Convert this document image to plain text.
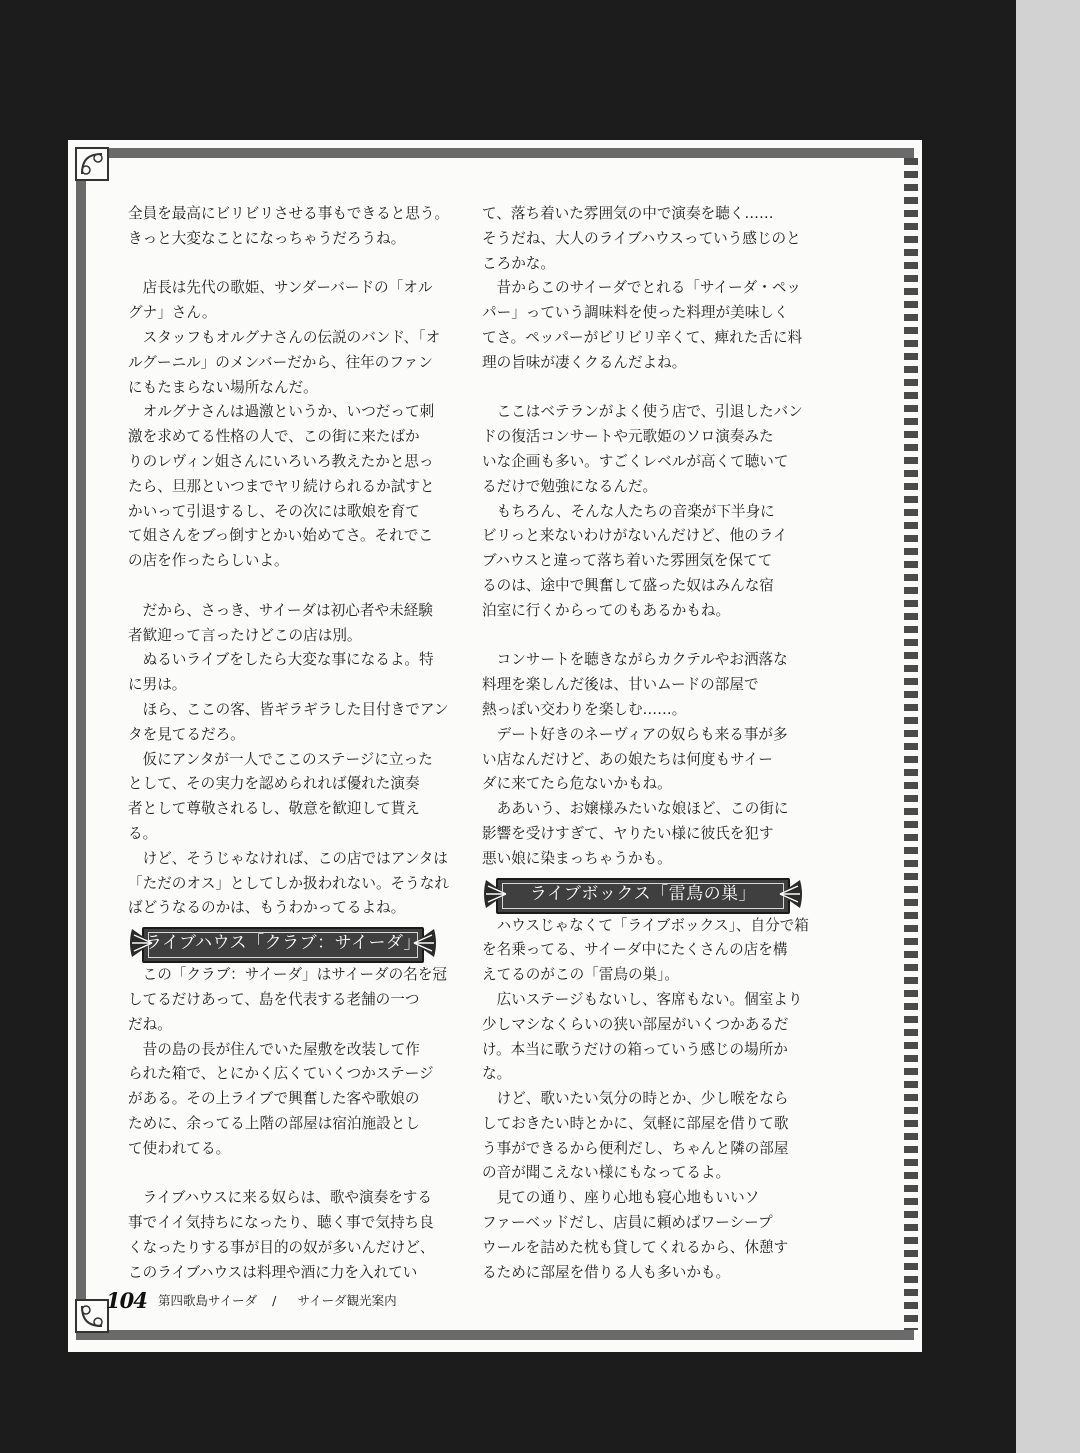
全員を最高にビリビリさせる事もできると思う。

きっと大変なことになっちゃうだろうね。

　店長は先代の歌姫、サンダーバードの「オル

グナ」さん。

　スタッフもオルグナさんの伝説のバンド、「オ

ルグーニル」のメンバーだから、往年のファン

にもたまらない場所なんだ。

　オルグナさんは過激というか、いつだって刺

激を求めてる性格の人で、この街に来たばか

りのレヴィン姐さんにいろいろ教えたかと思っ

たら、旦那といつまでヤリ続けられるか試すと

かいって引退するし、その次には歌娘を育て

て姐さんをブっ倒すとかい始めてさ。それでこ

の店を作ったらしいよ。

　だから、さっき、サイーダは初心者や未経験

者歓迎って言ったけどこの店は別。

　ぬるいライブをしたら大変な事になるよ。特

に男は。

　ほら、ここの客、皆ギラギラした目付きでアン

タを見てるだろ。

　仮にアンタが一人でここのステージに立った

として、その実力を認められれば優れた演奏

者として尊敬されるし、敬意を歓迎して貰え

る。

　けど、そうじゃなければ、この店ではアンタは

「ただのオス」としてしか扱われない。そうなれ

ばどうなるのかは、もうわかってるよね。

ライブハウス「クラブ：サイーダ」

　この「クラブ：サイーダ」はサイーダの名を冠

してるだけあって、島を代表する老舗の一つ

だね。

　昔の島の長が住んでいた屋敷を改装して作

られた箱で、とにかく広くていくつかステージ

がある。その上ライブで興奮した客や歌娘の

ために、余ってる上階の部屋は宿泊施設とし

て使われてる。

　ライブハウスに来る奴らは、歌や演奏をする

事でイイ気持ちになったり、聴く事で気持ち良

くなったりする事が目的の奴が多いんだけど、

このライブハウスは料理や酒に力を入れてい

て、落ち着いた雰囲気の中で演奏を聴く……

そうだね、大人のライブハウスっていう感じのと

ころかな。

　昔からこのサイーダでとれる「サイーダ・ペッ

パー」っていう調味料を使った料理が美味しく

てさ。ペッパーがビリビリ辛くて、痺れた舌に料

理の旨味が凄くクるんだよね。

　ここはベテランがよく使う店で、引退したバン

ドの復活コンサートや元歌姫のソロ演奏みた

いな企画も多い。すごくレベルが高くて聴いて

るだけで勉強になるんだ。

　もちろん、そんな人たちの音楽が下半身に

ビリっと来ないわけがないんだけど、他のライ

ブハウスと違って落ち着いた雰囲気を保てて

るのは、途中で興奮して盛った奴はみんな宿

泊室に行くからってのもあるかもね。

　コンサートを聴きながらカクテルやお洒落な

料理を楽しんだ後は、甘いムードの部屋で

熱っぽい交わりを楽しむ……。

　デート好きのネーヴィアの奴らも来る事が多

い店なんだけど、あの娘たちは何度もサイー

ダに来てたら危ないかもね。

　ああいう、お嬢様みたいな娘ほど、この街に

影響を受けすぎて、ヤりたい様に彼氏を犯す

悪い娘に染まっちゃうかも。

ライブボックス「雷鳥の巣」

　ハウスじゃなくて「ライブボックス」、自分で箱

を名乗ってる、サイーダ中にたくさんの店を構

えてるのがこの「雷鳥の巣」。

　広いステージもないし、客席もない。個室より

少しマシなくらいの狭い部屋がいくつかあるだ

け。本当に歌うだけの箱っていう感じの場所か

な。

　けど、歌いたい気分の時とか、少し喉をなら

しておきたい時とかに、気軽に部屋を借りて歌

う事ができるから便利だし、ちゃんと隣の部屋

の音が聞こえない様にもなってるよ。

　見ての通り、座り心地も寝心地もいいソ

ファーベッドだし、店員に頼めばワーシープ

ウールを詰めた枕も貸してくれるから、休憩す

るために部屋を借りる人も多いかも。

104 第四歌島サイーダ / サイーダ観光案内
